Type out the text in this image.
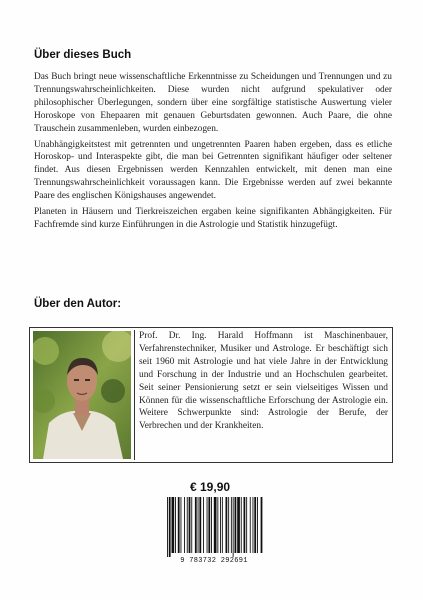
Über dieses Buch

Das Buch bringt neue wissenschaftliche Erkenntnisse zu Scheidungen und Trennungen und zu Trennungswahrscheinlichkeiten. Diese wurden nicht aufgrund spekulativer oder philosophischer Überlegungen, sondern über eine sorgfältige statistische Auswertung vieler Horoskope von Ehepaaren mit genauen Geburtsdaten gewonnen. Auch Paare, die ohne Trauschein zusammenleben, wurden einbezogen.

Unabhängigkeitstest mit getrennten und ungetrennten Paaren haben ergeben, dass es etliche Horoskop- und Interaspekte gibt, die man bei Getrennten signifikant häufiger oder seltener findet. Aus diesen Ergebnissen werden Kennzahlen entwickelt, mit denen man eine Trennungswahrscheinlichkeit voraussagen kann. Die Ergebnisse werden auf zwei bekannte Paare des englischen Königshauses angewendet.

Planeten in Häusern und Tierkreiszeichen ergaben keine signifikanten Abhängigkeiten. Für Fachfremde sind kurze Einführungen in die Astrologie und Statistik hinzugefügt.

Über den Autor:
Prof. Dr. Ing. Harald Hoffmann ist Maschinenbauer, Verfahrenstechniker, Musiker und Astrologe. Er beschäftigt sich seit 1960 mit Astrologie und hat viele Jahre in der Entwicklung und Forschung in der Industrie und an Hochschulen gearbeitet. Seit seiner Pensionierung setzt er sein vielseitiges Wissen und Können für die wissenschaftliche Erforschung der Astrologie ein. Weitere Schwerpunkte sind: Astrologie der Berufe, der Verbrechen und der Krankheiten.
€ 19,90
9 783732 292691
